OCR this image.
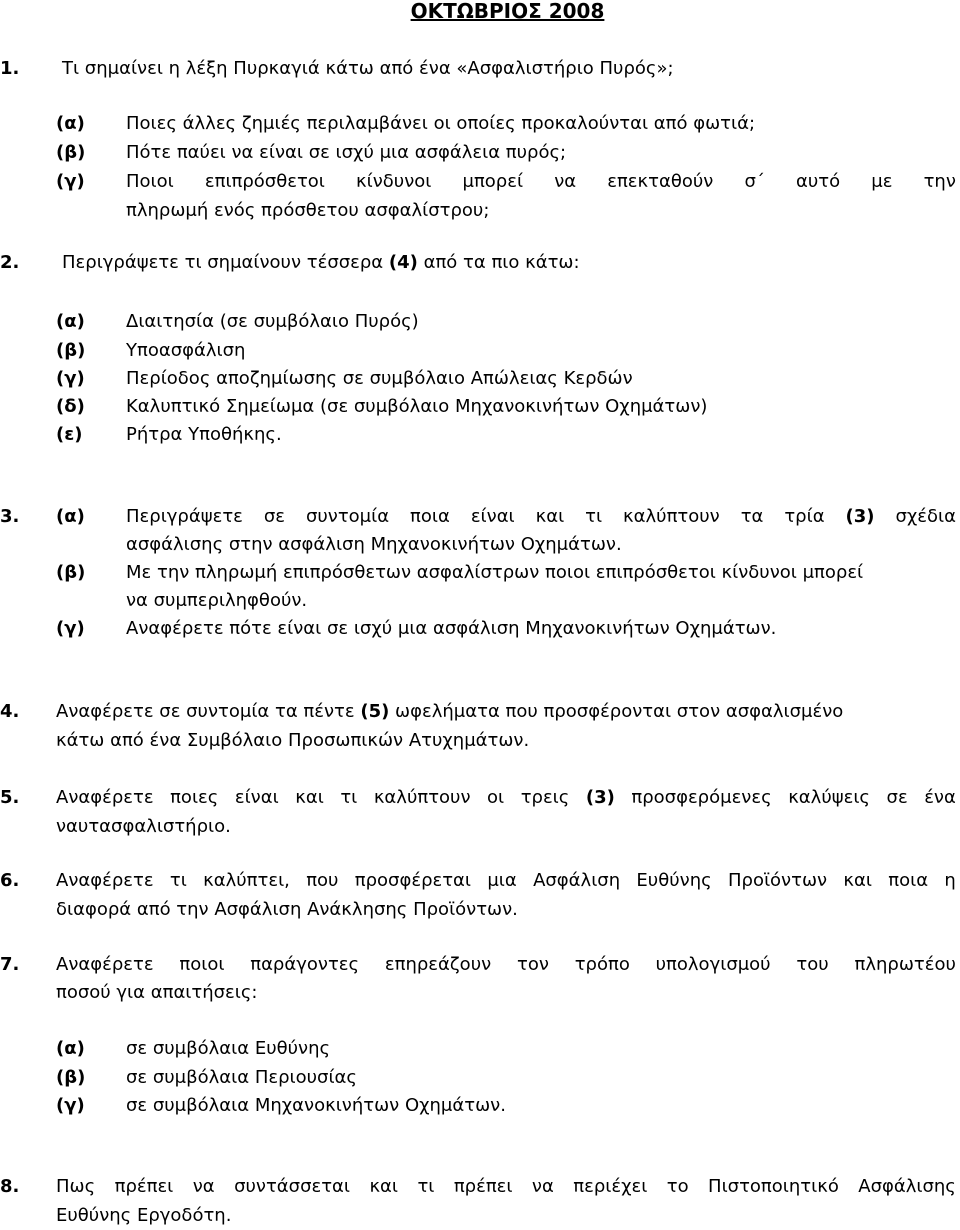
ΟΚΤΩΒΡΙΟΣ 2008
1. Τι σημαίνει η λέξη Πυρκαγιά κάτω από ένα «Ασφαλιστήριο Πυρός»;
(α) Ποιες άλλες ζημιές περιλαμβάνει οι οποίες προκαλούνται από φωτιά;
(β) Πότε παύει να είναι σε ισχύ μια ασφάλεια πυρός;
(γ) Ποιοι επιπρόσθετοι κίνδυνοι μπορεί να επεκταθούν σ΄ αυτό με την
πληρωμή ενός πρόσθετου ασφαλίστρου;
2. Περιγράψετε τι σημαίνουν τέσσερα (4) από τα πιο κάτω:
(α) Διαιτησία (σε συμβόλαιο Πυρός)
(β) Υποασφάλιση
(γ) Περίοδος αποζημίωσης σε συμβόλαιο Απώλειας Κερδών
(δ) Καλυπτικό Σημείωμα (σε συμβόλαιο Μηχανοκινήτων Οχημάτων)
(ε) Ρήτρα Υποθήκης.
3. (α) Περιγράψετε σε συντομία ποια είναι και τι καλύπτουν τα τρία (3) σχέδια
ασφάλισης στην ασφάλιση Μηχανοκινήτων Οχημάτων.
(β) Με την πληρωμή επιπρόσθετων ασφαλίστρων ποιοι επιπρόσθετοι κίνδυνοι μπορεί
να συμπεριληφθούν.
(γ) Αναφέρετε πότε είναι σε ισχύ μια ασφάλιση Μηχανοκινήτων Οχημάτων.
4. Αναφέρετε σε συντομία τα πέντε (5) ωφελήματα που προσφέρονται στον ασφαλισμένο
κάτω από ένα Συμβόλαιο Προσωπικών Ατυχημάτων.
5. Αναφέρετε ποιες είναι και τι καλύπτουν οι τρεις (3) προσφερόμενες καλύψεις σε ένα
ναυτασφαλιστήριο.
6. Αναφέρετε τι καλύπτει, που προσφέρεται μια Ασφάλιση Ευθύνης Προϊόντων και ποια η
διαφορά από την Ασφάλιση Ανάκλησης Προϊόντων.
7. Αναφέρετε ποιοι παράγοντες επηρεάζουν τον τρόπο υπολογισμού του πληρωτέου
ποσού για απαιτήσεις:
(α) σε συμβόλαια Ευθύνης
(β) σε συμβόλαια Περιουσίας
(γ) σε συμβόλαια Μηχανοκινήτων Οχημάτων.
8. Πως πρέπει να συντάσσεται και τι πρέπει να περιέχει το Πιστοποιητικό Ασφάλισης
Ευθύνης Εργοδότη.
